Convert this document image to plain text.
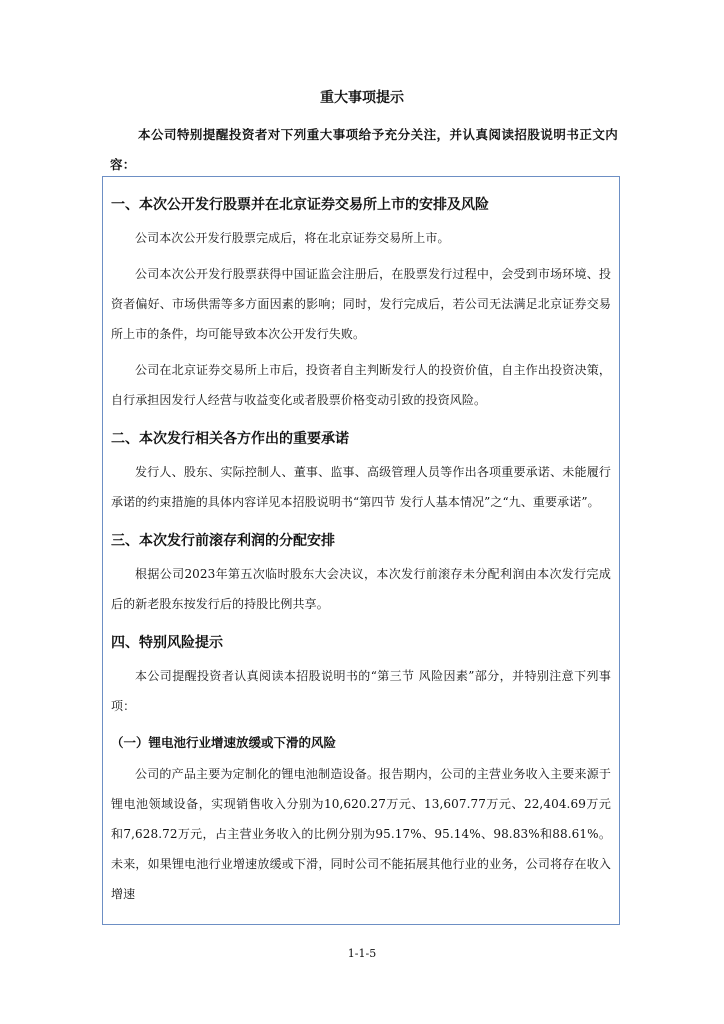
重大事项提示
本公司特别提醒投资者对下列重大事项给予充分关注，并认真阅读招股说明书正文内容：
一、本次公开发行股票并在北京证券交易所上市的安排及风险

公司本次公开发行股票完成后，将在北京证券交易所上市。

公司本次公开发行股票获得中国证监会注册后，在股票发行过程中，会受到市场环境、投资者偏好、市场供需等多方面因素的影响；同时，发行完成后，若公司无法满足北京证券交易所上市的条件，均可能导致本次公开发行失败。

公司在北京证券交易所上市后，投资者自主判断发行人的投资价值，自主作出投资决策，自行承担因发行人经营与收益变化或者股票价格变动引致的投资风险。

二、本次发行相关各方作出的重要承诺

发行人、股东、实际控制人、董事、监事、高级管理人员等作出各项重要承诺、未能履行承诺的约束措施的具体内容详见本招股说明书“第四节 发行人基本情况”之“九、重要承诺”。

三、本次发行前滚存利润的分配安排

根据公司2023年第五次临时股东大会决议，本次发行前滚存未分配利润由本次发行完成后的新老股东按发行后的持股比例共享。

四、特别风险提示

本公司提醒投资者认真阅读本招股说明书的“第三节 风险因素”部分，并特别注意下列事项：

（一）锂电池行业增速放缓或下滑的风险

公司的产品主要为定制化的锂电池制造设备。报告期内，公司的主营业务收入主要来源于锂电池领域设备，实现销售收入分别为10,620.27万元、13,607.77万元、22,404.69万元和7,628.72万元，占主营业务收入的比例分别为95.17%、95.14%、98.83%和88.61%。未来，如果锂电池行业增速放缓或下滑，同时公司不能拓展其他行业的业务，公司将存在收入增速

1-1-5
